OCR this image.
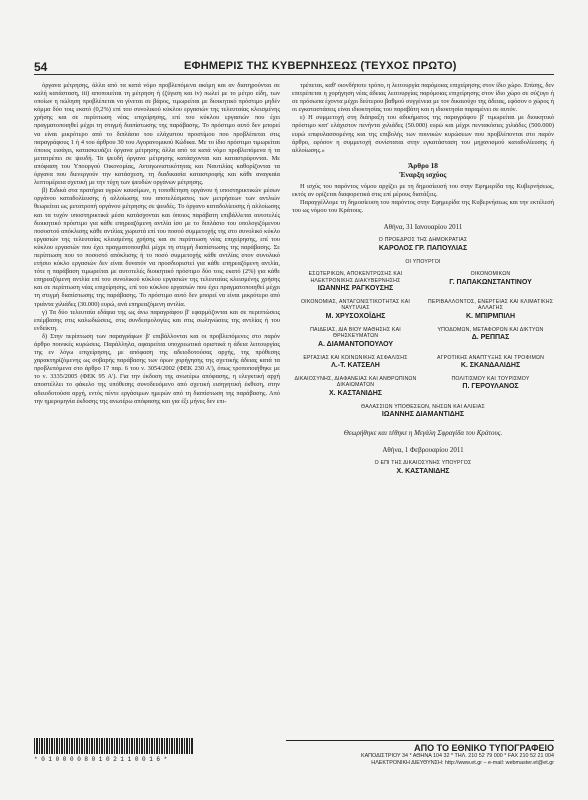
54	ΕΦΗΜΕΡΙΣ ΤΗΣ ΚΥΒΕΡΝΗΣΕΩΣ (ΤΕΥΧΟΣ ΠΡΩΤΟ)

όργανα μέτρησης, άλλα από τα κατά νόμο προβλεπόμενα ακόμη και αν διατηρούνται σε καλή κατάσταση, iii) αποποιείται τη μέτρηση ή (ζύγιση και iv) πωλεί με το μέτρο είδη, των οποίων η πώληση προβλέπεται να γίνεται σε βάρος, τιμωρείται με διοικητικό πρόστιμο μηδέν κόμμα δύο τοις εκατό (0,2%) επί του συνολικού κύκλου εργασιών της τελευταίας κλεισμένης χρήσης και σε περίπτωση νέας επιχείρησης, επί του κύκλου εργασιών που έχει πραγματοποιηθεί μέχρι τη στιγμή διαπίστωσης της παράβασης. Το πρόστιμο αυτό δεν μπορεί να είναι μικρότερο από το διπλάσιο του ελάχιστου προστίμου που προβλέπεται στις παραγράφους 1 ή 4 του άρθρου 30 του Αγορανομικού Κώδικα. Με το ίδιο πρόστιμο τιμωρείται όποιος εισάγει, κατασκευάζει όργανα μέτρησης άλλα από τα κατά νόμο προβλεπόμενα ή τα μετατρέπει σε ψευδή. Τα ψευδή όργανα μέτρησης κατάσχονται και καταστρέφονται. Με απόφαση του Υπουργού Οικονομίας, Ανταγωνιστικότητας και Ναυτιλίας καθορίζονται τα όργανα που διενεργούν την κατάσχεση, τη διαδικασία καταστροφής και κάθε αναγκαία λεπτομέρεια σχετική με την τύχη των ψευδών οργάνων μέτρησης.

β) Ειδικά στα πρατήρια υγρών καυσίμων, η τοποθέτηση οργάνου ή υποστηρικτικών μέσων οργάνου καταδολίευσης ή αλλοίωσης του αποτελέσματος των μετρήσεων των αντλιών θεωρείται ως μετατροπή οργάνου μέτρησης σε ψευδές. Το όργανο καταδολίευσης ή αλλοίωσης και τα τυχόν υποστηρικτικά μέσα κατάσχονται και όποιος παράβατη επιβάλλεται αυτοτελές διοικητικό πρόστιμο για κάθε επηρεαζόμενη αντλία ίσο με το διπλάσιο του υπολογιζόμενου ποσοστού απόκλισης κάθε αντλίας χωριστά επί του ποσού συμμετοχής της στο συνολικό κύκλο εργασιών της τελευταίας κλεισμένης χρήσης και σε περίπτωση νέας επιχείρησης, επί του κύκλου εργασιών που έχει πραγματοποιηθεί μέχρι τη στιγμή διαπίστωσης της παράβασης. Σε περίπτωση που το ποσοστό απόκλισης ή το ποσό συμμετοχής κάθε αντλίας στον συνολικό ετήσιο κύκλο εργασιών δεν είναι δυνατόν να προσδιοριστεί για κάθε επηρεαζόμενη αντλία, τότε η παράβαση τιμωρείται με αυτοτελές διοικητικό πρόστιμο δύο τοις εκατό (2%) για κάθε επηρεαζόμενη αντλία επί του συνολικού κύκλου εργασιών της τελευταίας κλεισμένης χρήσης και σε περίπτωση νέας επιχείρησης, επί του κύκλου εργασιών που έχει πραγματοποιηθεί μέχρι τη στιγμή διαπίστωσης της παράβασης. Το πρόστιμο αυτό δεν μπορεί να είναι μικρότερο από τριάντα χιλιάδες (30.000) ευρώ, ανά επηρεαζόμενη αντλία.

γ) Τα δύο τελευταία εδάφια της ως άνω παραγράφου β' εφαρμόζονται και σε περιπτώσεις επέμβασης στις καλωδιώσεις, στις συνδεσμολογίες και στις σωληνώσεις της αντλίας ή του ενδείκτη.

δ) Στην περίπτωση των παραγράφων β' επιβάλλονται και οι προβλεπόμενες στο παρόν άρθρο ποινικές κυρώσεις. Παράλληλα, αφαιρείται υποχρεωτικά οριστικά η άδεια λειτουργίας της εν λόγω επιχείρησης, με απόφαση της αδειοδοτούσας αρχής, της πρόθεσης χαρακτηρίζόμενης ως σοβαρής παράβασης των όρων χορήγησης της σχετικής άδειας κατά τα προβλεπόμενα στο άρθρο 17 παρ. 6 του ν. 3054/2002 (ΦΕΚ 230 Α'), όπως τροποποιήθηκε με το ν. 3335/2005 (ΦΕΚ 95 Α'). Για την έκδοση της ανωτέρω απόφασης, η ελεγκτική αρχή αποστέλλει το φάκελο της υπόθεσης συνοδευόμενο από σχετική εισηγητική έκθεση, στην αδειοδοτούσα αρχή, εντός πέντε εργάσιμων ημερών από τη διαπίστωση της παράβασης. Από την ημερομηνία έκδοσης της ανωτέρω απόφασης και για έξι μήνες δεν επι-

τρέπεται, καθ' οιονδήποτε τρόπο, η λειτουργία παρόμοιας επιχείρησης στον ίδιο χώρο. Επίσης, δεν επιτρέπεται η χορήγηση νέας άδειας λειτουργίας παρόμοιας επιχείρησης στον ίδιο χώρο σε σύζυγο ή σε πρόσωπα έχοντα μέχρι δεύτερου βαθμού συγγένεια με τον δικαιούχο της άδειας, εφόσον ο χώρος ή οι εγκαταστάσεις είναι ιδιοκτησίας του παραβάτη και η ιδιοκτησία παραμένει σε αυτόν.

ε) Η συμμετοχή στη διάπραξη του αδικήματος της παραγράφου β' τιμωρείται με διοικητικό πρόστιμο κατ' ελάχιστον πενήντα χιλιάδες (50.000) ευρώ και μέχρι πεντακόσιες χιλιάδες (500.000) ευρώ επιφυλασσομένης και της επιβολής των ποινικών κυρώσεων που προβλέπονται στο παρόν άρθρο, εφόσον η συμμετοχή συνίσταται στην εγκατάσταση του μηχανισμού καταδολίευσης ή αλλοίωσης.»

Άρθρο 18
Έναρξη ισχύος

Η ισχύς του παρόντος νόμου αρχίζει με τη δημοσίευσή του στην Εφημερίδα της Κυβερνήσεως, εκτός αν ορίζεται διαφορετικά στις επί μέρους διατάξεις.

Παραγγέλλομε τη δημοσίευση του παρόντος στην Εφημερίδα της Κυβερνήσεως και την εκτέλεσή του ως νόμου του Κράτους.

Αθήνα, 31 Ιανουαρίου 2011
Ο ΠΡΟΕΔΡΟΣ ΤΗΣ ΔΗΜΟΚΡΑΤΙΑΣ
ΚΑΡΟΛΟΣ ΓΡ. ΠΑΠΟΥΛΙΑΣ
ΟΙ ΥΠΟΥΡΓΟΙ
ΕΣΩΤΕΡΙΚΩΝ, ΑΠΟΚΕΝΤΡΩΣΗΣ ΚΑΙ ΗΛΕΚΤΡΟΝΙΚΗΣ ΔΙΑΚΥΒΕΡΝΗΣΗΣ
ΙΩΑΝΝΗΣ ΡΑΓΚΟΥΣΗΣ
ΟΙΚΟΝΟΜΙΚΩΝ
Γ. ΠΑΠΑΚΩΝΣΤΑΝΤΙΝΟΥ
ΟΙΚΟΝΟΜΙΑΣ, ΑΝΤΑΓΩΝΙΣΤΙΚΟΤΗΤΑΣ ΚΑΙ ΝΑΥΤΙΛΙΑΣ
Μ. ΧΡΥΣΟΧΟΪΔΗΣ
ΠΕΡΙΒΑΛΛΟΝΤΟΣ, ΕΝΕΡΓΕΙΑΣ ΚΑΙ ΚΛΙΜΑΤΙΚΗΣ ΑΛΛΑΓΗΣ
Κ. ΜΠΙΡΜΠΙΛΗ
ΠΑΙΔΕΙΑΣ, ΔΙΑ ΒΙΟΥ ΜΑΘΗΣΗΣ ΚΑΙ ΘΡΗΣΚΕΥΜΑΤΩΝ
Α. ΔΙΑΜΑΝΤΟΠΟΥΛΟΥ
ΥΠΟΔΟΜΩΝ, ΜΕΤΑΦΟΡΩΝ ΚΑΙ ΔΙΚΤΥΩΝ
Δ. ΡΕΠΠΑΣ
ΕΡΓΑΣΙΑΣ ΚΑΙ ΚΟΙΝΩΝΙΚΗΣ ΑΣΦΑΛΙΣΗΣ
Λ.-Τ. ΚΑΤΣΕΛΗ
ΑΓΡΟΤΙΚΗΣ ΑΝΑΠΤΥΞΗΣ ΚΑΙ ΤΡΟΦΙΜΩΝ
Κ. ΣΚΑΝΔΑΛΙΔΗΣ
ΔΙΚΑΙΟΣΥΝΗΣ, ΔΙΑΦΑΝΕΙΑΣ ΚΑΙ ΑΝΘΡΩΠΙΝΩΝ ΔΙΚΑΙΩΜΑΤΩΝ
Χ. ΚΑΣΤΑΝΙΔΗΣ
ΠΟΛΙΤΙΣΜΟΥ ΚΑΙ ΤΟΥΡΙΣΜΟΥ
Π. ΓΕΡΟΥΛΑΝΟΣ
ΘΑΛΑΣΣΙΩΝ ΥΠΟΘΕΣΕΩΝ, ΝΗΣΩΝ ΚΑΙ ΑΛΙΕΙΑΣ
ΙΩΑΝΝΗΣ ΔΙΑΜΑΝΤΙΔΗΣ
Θεωρήθηκε και τέθηκε η Μεγάλη Σφραγίδα του Κράτους.
Αθήνα, 1 Φεβρουαρίου 2011
Ο ΕΠΙ ΤΗΣ ΔΙΚΑΙΟΣΥΝΗΣ ΥΠΟΥΡΓΟΣ
Χ. ΚΑΣΤΑΝΙΔΗΣ
* 0 1 0 0 0 0 8 0 1 0 2 1 1 0 0 1 6 *
ΑΠΟ ΤΟ ΕΘΝΙΚΟ ΤΥΠΟΓΡΑΦΕΙΟ
ΚΑΠΟΔΙΣΤΡΙΟΥ 34 * ΑΘΗΝΑ 104 32 * ΤΗΛ. 210 52 79 000 * FAX 210 52 21 004
ΗΛΕΚΤΡΟΝΙΚΗ ΔΙΕΥΘΥΝΣΗ: http://www.et.gr – e-mail: webmaster.et@et.gr
